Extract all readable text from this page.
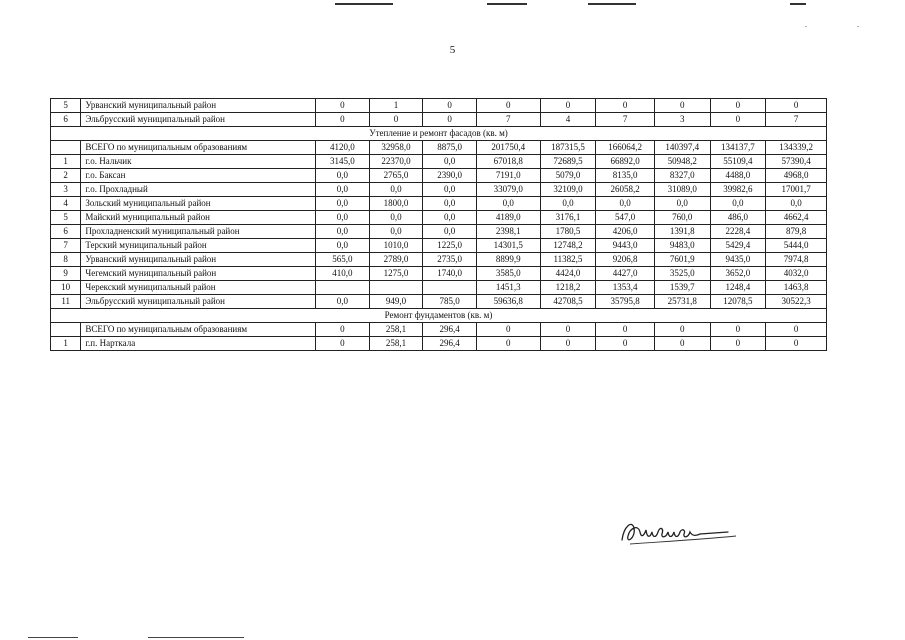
. .
5
5	Урванский муниципальный район	0	1	0	0	0	0	0	0	0
6	Эльбрусский муниципальный район	0	0	0	7	4	7	3	0	7
Утепление и ремонт фасадов (кв. м)										
	ВСЕГО по муниципальным образованиям	4120,0	32958,0	8875,0	201750,4	187315,5	166064,2	140397,4	134137,7	134339,2
1	г.о. Нальчик	3145,0	22370,0	0,0	67018,8	72689,5	66892,0	50948,2	55109,4	57390,4
2	г.о. Баксан	0,0	2765,0	2390,0	7191,0	5079,0	8135,0	8327,0	4488,0	4968,0
3	г.о. Прохладный	0,0	0,0	0,0	33079,0	32109,0	26058,2	31089,0	39982,6	17001,7
4	Зольский муниципальный район	0,0	1800,0	0,0	0,0	0,0	0,0	0,0	0,0	0,0
5	Майский муниципальный район	0,0	0,0	0,0	4189,0	3176,1	547,0	760,0	486,0	4662,4
6	Прохладненский муниципальный район	0,0	0,0	0,0	2398,1	1780,5	4206,0	1391,8	2228,4	879,8
7	Терский муниципальный район	0,0	1010,0	1225,0	14301,5	12748,2	9443,0	9483,0	5429,4	5444,0
8	Урванский муниципальный район	565,0	2789,0	2735,0	8899,9	11382,5	9206,8	7601,9	9435,0	7974,8
9	Чегемский муниципальный район	410,0	1275,0	1740,0	3585,0	4424,0	4427,0	3525,0	3652,0	4032,0
10	Черекский муниципальный район				1451,3	1218,2	1353,4	1539,7	1248,4	1463,8
11	Эльбрусский муниципальный район	0,0	949,0	785,0	59636,8	42708,5	35795,8	25731,8	12078,5	30522,3
Ремонт фундаментов (кв. м)										
	ВСЕГО по муниципальным образованиям	0	258,1	296,4	0	0	0	0	0	0
1	г.п. Нарткала	0	258,1	296,4	0	0	0	0	0	0
